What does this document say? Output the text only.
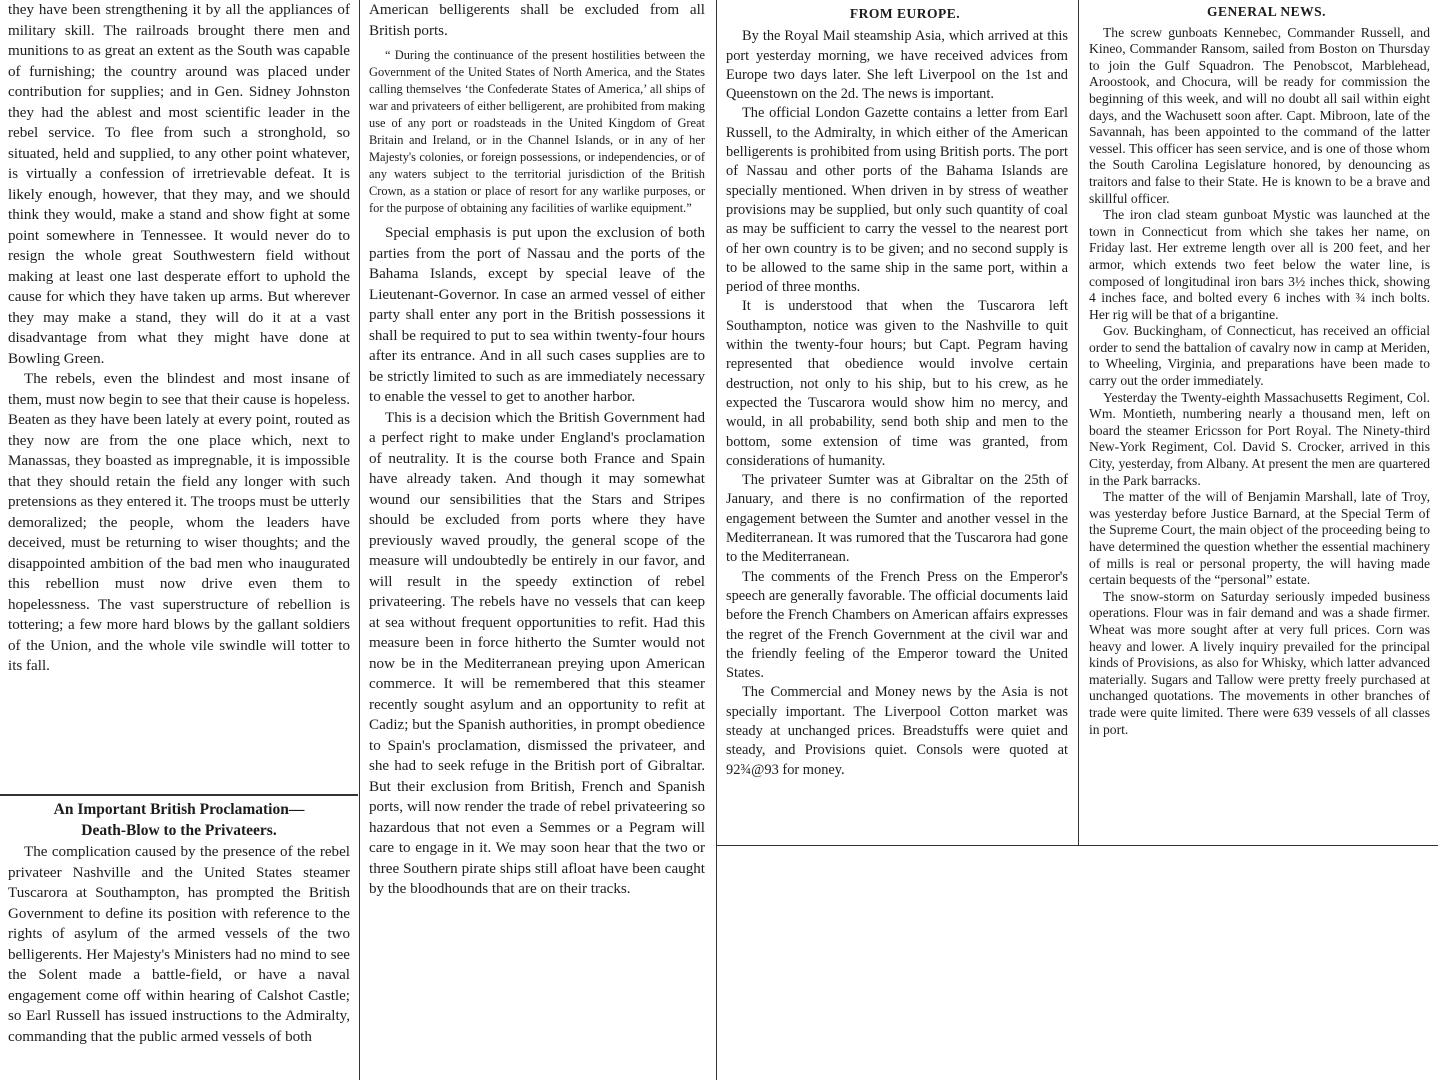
they have been strengthening it by all the appliances of military skill. The railroads brought there men and munitions to as great an extent as the South was capable of furnishing; the country around was placed under contribution for supplies; and in Gen. Sidney Johnston they had the ablest and most scientific leader in the rebel service. To flee from such a stronghold, so situated, held and supplied, to any other point whatever, is virtually a confession of irretrievable defeat. It is likely enough, however, that they may, and we should think they would, make a stand and show fight at some point somewhere in Tennessee. It would never do to resign the whole great Southwestern field without making at least one last desperate effort to uphold the cause for which they have taken up arms. But wherever they may make a stand, they will do it at a vast disadvantage from what they might have done at Bowling Green.

The rebels, even the blindest and most insane of them, must now begin to see that their cause is hopeless. Beaten as they have been lately at every point, routed as they now are from the one place which, next to Manassas, they boasted as impregnable, it is impossible that they should retain the field any longer with such pretensions as they entered it. The troops must be utterly demoralized; the people, whom the leaders have deceived, must be returning to wiser thoughts; and the disappointed ambition of the bad men who inaugurated this rebellion must now drive even them to hopelessness. The vast superstructure of rebellion is tottering; a few more hard blows by the gallant soldiers of the Union, and the whole vile swindle will totter to its fall.

An Important British Proclamation—
Death-Blow to the Privateers.

The complication caused by the presence of the rebel privateer Nashville and the United States steamer Tuscarora at Southampton, has prompted the British Government to define its position with reference to the rights of asylum of the armed vessels of the two belligerents. Her Majesty's Ministers had no mind to see the Solent made a battle-field, or have a naval engagement come off within hearing of Calshot Castle; so Earl Russell has issued instructions to the Admiralty, commanding that the public armed vessels of both

American belligerents shall be excluded from all British ports.

“ During the continuance of the present hostilities between the Government of the United States of North America, and the States calling themselves ‘the Confederate States of America,’ all ships of war and privateers of either belligerent, are prohibited from making use of any port or roadsteads in the United Kingdom of Great Britain and Ireland, or in the Channel Islands, or in any of her Majesty's colonies, or foreign possessions, or independencies, or of any waters subject to the territorial jurisdiction of the British Crown, as a station or place of resort for any warlike purposes, or for the purpose of obtaining any facilities of warlike equipment.”

Special emphasis is put upon the exclusion of both parties from the port of Nassau and the ports of the Bahama Islands, except by special leave of the Lieutenant-Governor. In case an armed vessel of either party shall enter any port in the British possessions it shall be required to put to sea within twenty-four hours after its entrance. And in all such cases supplies are to be strictly limited to such as are immediately necessary to enable the vessel to get to another harbor.

This is a decision which the British Government had a perfect right to make under England's proclamation of neutrality. It is the course both France and Spain have already taken. And though it may somewhat wound our sensibilities that the Stars and Stripes should be excluded from ports where they have previously waved proudly, the general scope of the measure will undoubtedly be entirely in our favor, and will result in the speedy extinction of rebel privateering. The rebels have no vessels that can keep at sea without frequent opportunities to refit. Had this measure been in force hitherto the Sumter would not now be in the Mediterranean preying upon American commerce. It will be remembered that this steamer recently sought asylum and an opportunity to refit at Cadiz; but the Spanish authorities, in prompt obedience to Spain's proclamation, dismissed the privateer, and she had to seek refuge in the British port of Gibraltar. But their exclusion from British, French and Spanish ports, will now render the trade of rebel privateering so hazardous that not even a Semmes or a Pegram will care to engage in it. We may soon hear that the two or three Southern pirate ships still afloat have been caught by the bloodhounds that are on their tracks.

FROM EUROPE.

By the Royal Mail steamship Asia, which arrived at this port yesterday morning, we have received advices from Europe two days later. She left Liverpool on the 1st and Queenstown on the 2d. The news is important.

The official London Gazette contains a letter from Earl Russell, to the Admiralty, in which either of the American belligerents is prohibited from using British ports. The port of Nassau and other ports of the Bahama Islands are specially mentioned. When driven in by stress of weather provisions may be supplied, but only such quantity of coal as may be sufficient to carry the vessel to the nearest port of her own country is to be given; and no second supply is to be allowed to the same ship in the same port, within a period of three months.

It is understood that when the Tuscarora left Southampton, notice was given to the Nashville to quit within the twenty-four hours; but Capt. Pegram having represented that obedience would involve certain destruction, not only to his ship, but to his crew, as he expected the Tuscarora would show him no mercy, and would, in all probability, send both ship and men to the bottom, some extension of time was granted, from considerations of humanity.

The privateer Sumter was at Gibraltar on the 25th of January, and there is no confirmation of the reported engagement between the Sumter and another vessel in the Mediterranean. It was rumored that the Tuscarora had gone to the Mediterranean.

The comments of the French Press on the Emperor's speech are generally favorable. The official documents laid before the French Chambers on American affairs expresses the regret of the French Government at the civil war and the friendly feeling of the Emperor toward the United States.

The Commercial and Money news by the Asia is not specially important. The Liverpool Cotton market was steady at unchanged prices. Breadstuffs were quiet and steady, and Provisions quiet. Consols were quoted at 92¾@93 for money.

GENERAL NEWS.

The screw gunboats Kennebec, Commander Russell, and Kineo, Commander Ransom, sailed from Boston on Thursday to join the Gulf Squadron. The Penobscot, Marblehead, Aroostook, and Chocura, will be ready for commission the beginning of this week, and will no doubt all sail within eight days, and the Wachusett soon after. Capt. Mibroon, late of the Savannah, has been appointed to the command of the latter vessel. This officer has seen service, and is one of those whom the South Carolina Legislature honored, by denouncing as traitors and false to their State. He is known to be a brave and skillful officer.

The iron clad steam gunboat Mystic was launched at the town in Connecticut from which she takes her name, on Friday last. Her extreme length over all is 200 feet, and her armor, which extends two feet below the water line, is composed of longitudinal iron bars 3½ inches thick, showing 4 inches face, and bolted every 6 inches with ¾ inch bolts. Her rig will be that of a brigantine.

Gov. Buckingham, of Connecticut, has received an official order to send the battalion of cavalry now in camp at Meriden, to Wheeling, Virginia, and preparations have been made to carry out the order immediately.

Yesterday the Twenty-eighth Massachusetts Regiment, Col. Wm. Montieth, numbering nearly a thousand men, left on board the steamer Ericsson for Port Royal. The Ninety-third New-York Regiment, Col. David S. Crocker, arrived in this City, yesterday, from Albany. At present the men are quartered in the Park barracks.

The matter of the will of Benjamin Marshall, late of Troy, was yesterday before Justice Barnard, at the Special Term of the Supreme Court, the main object of the proceeding being to have determined the question whether the essential machinery of mills is real or personal property, the will having made certain bequests of the “personal” estate.

The snow-storm on Saturday seriously impeded business operations. Flour was in fair demand and was a shade firmer. Wheat was more sought after at very full prices. Corn was heavy and lower. A lively inquiry prevailed for the principal kinds of Provisions, as also for Whisky, which latter advanced materially. Sugars and Tallow were pretty freely purchased at unchanged quotations. The movements in other branches of trade were quite limited. There were 639 vessels of all classes in port.
